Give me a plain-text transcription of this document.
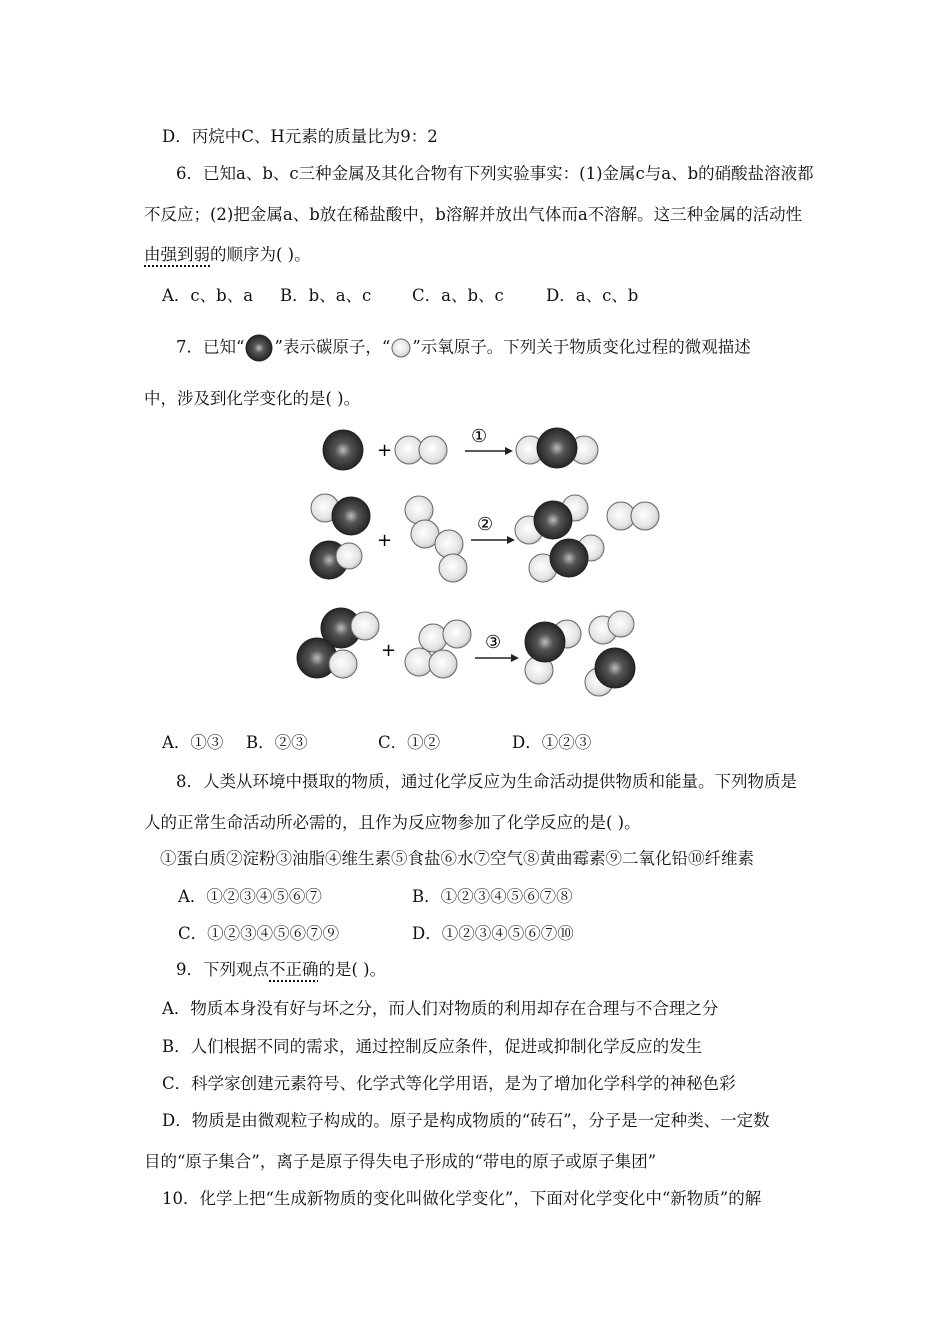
D．丙烷中C、H元素的质量比为9：2
6．已知a、b、c三种金属及其化合物有下列实验事实：(1)金属c与a、b的硝酸盐溶液都
不反应；(2)把金属a、b放在稀盐酸中，b溶解并放出气体而a不溶解。这三种金属的活动性
由强到弱的顺序为( )。
A．c、b、a B．b、a、c C．a、b、c	D．a、c、b
7．已知“ ”表示碳原子，“ ”示氧原子。下列关于物质变化过程的微观描述
中，涉及到化学变化的是( )。
+
①
+
②
+	③
A．①③ B．②③	C．①②	D．①②③
8．人类从环境中摄取的物质，通过化学反应为生命活动提供物质和能量。下列物质是
人的正常生命活动所必需的，且作为反应物参加了化学反应的是( )。
①蛋白质②淀粉③油脂④维生素⑤食盐⑥水⑦空气⑧黄曲霉素⑨二氧化铅⑩纤维素
A．①②③④⑤⑥⑦	B．①②③④⑤⑥⑦⑧
C．①②③④⑤⑥⑦⑨	D．①②③④⑤⑥⑦⑩
9．下列观点不正确的是( )。
A．物质本身没有好与坏之分，而人们对物质的利用却存在合理与不合理之分
B．人们根据不同的需求，通过控制反应条件，促进或抑制化学反应的发生
C．科学家创建元素符号、化学式等化学用语，是为了增加化学科学的神秘色彩
D．物质是由微观粒子构成的。原子是构成物质的“砖石”，分子是一定种类、一定数
目的“原子集合”，离子是原子得失电子形成的“带电的原子或原子集团”
10．化学上把“生成新物质的变化叫做化学变化”，下面对化学变化中“新物质”的解
